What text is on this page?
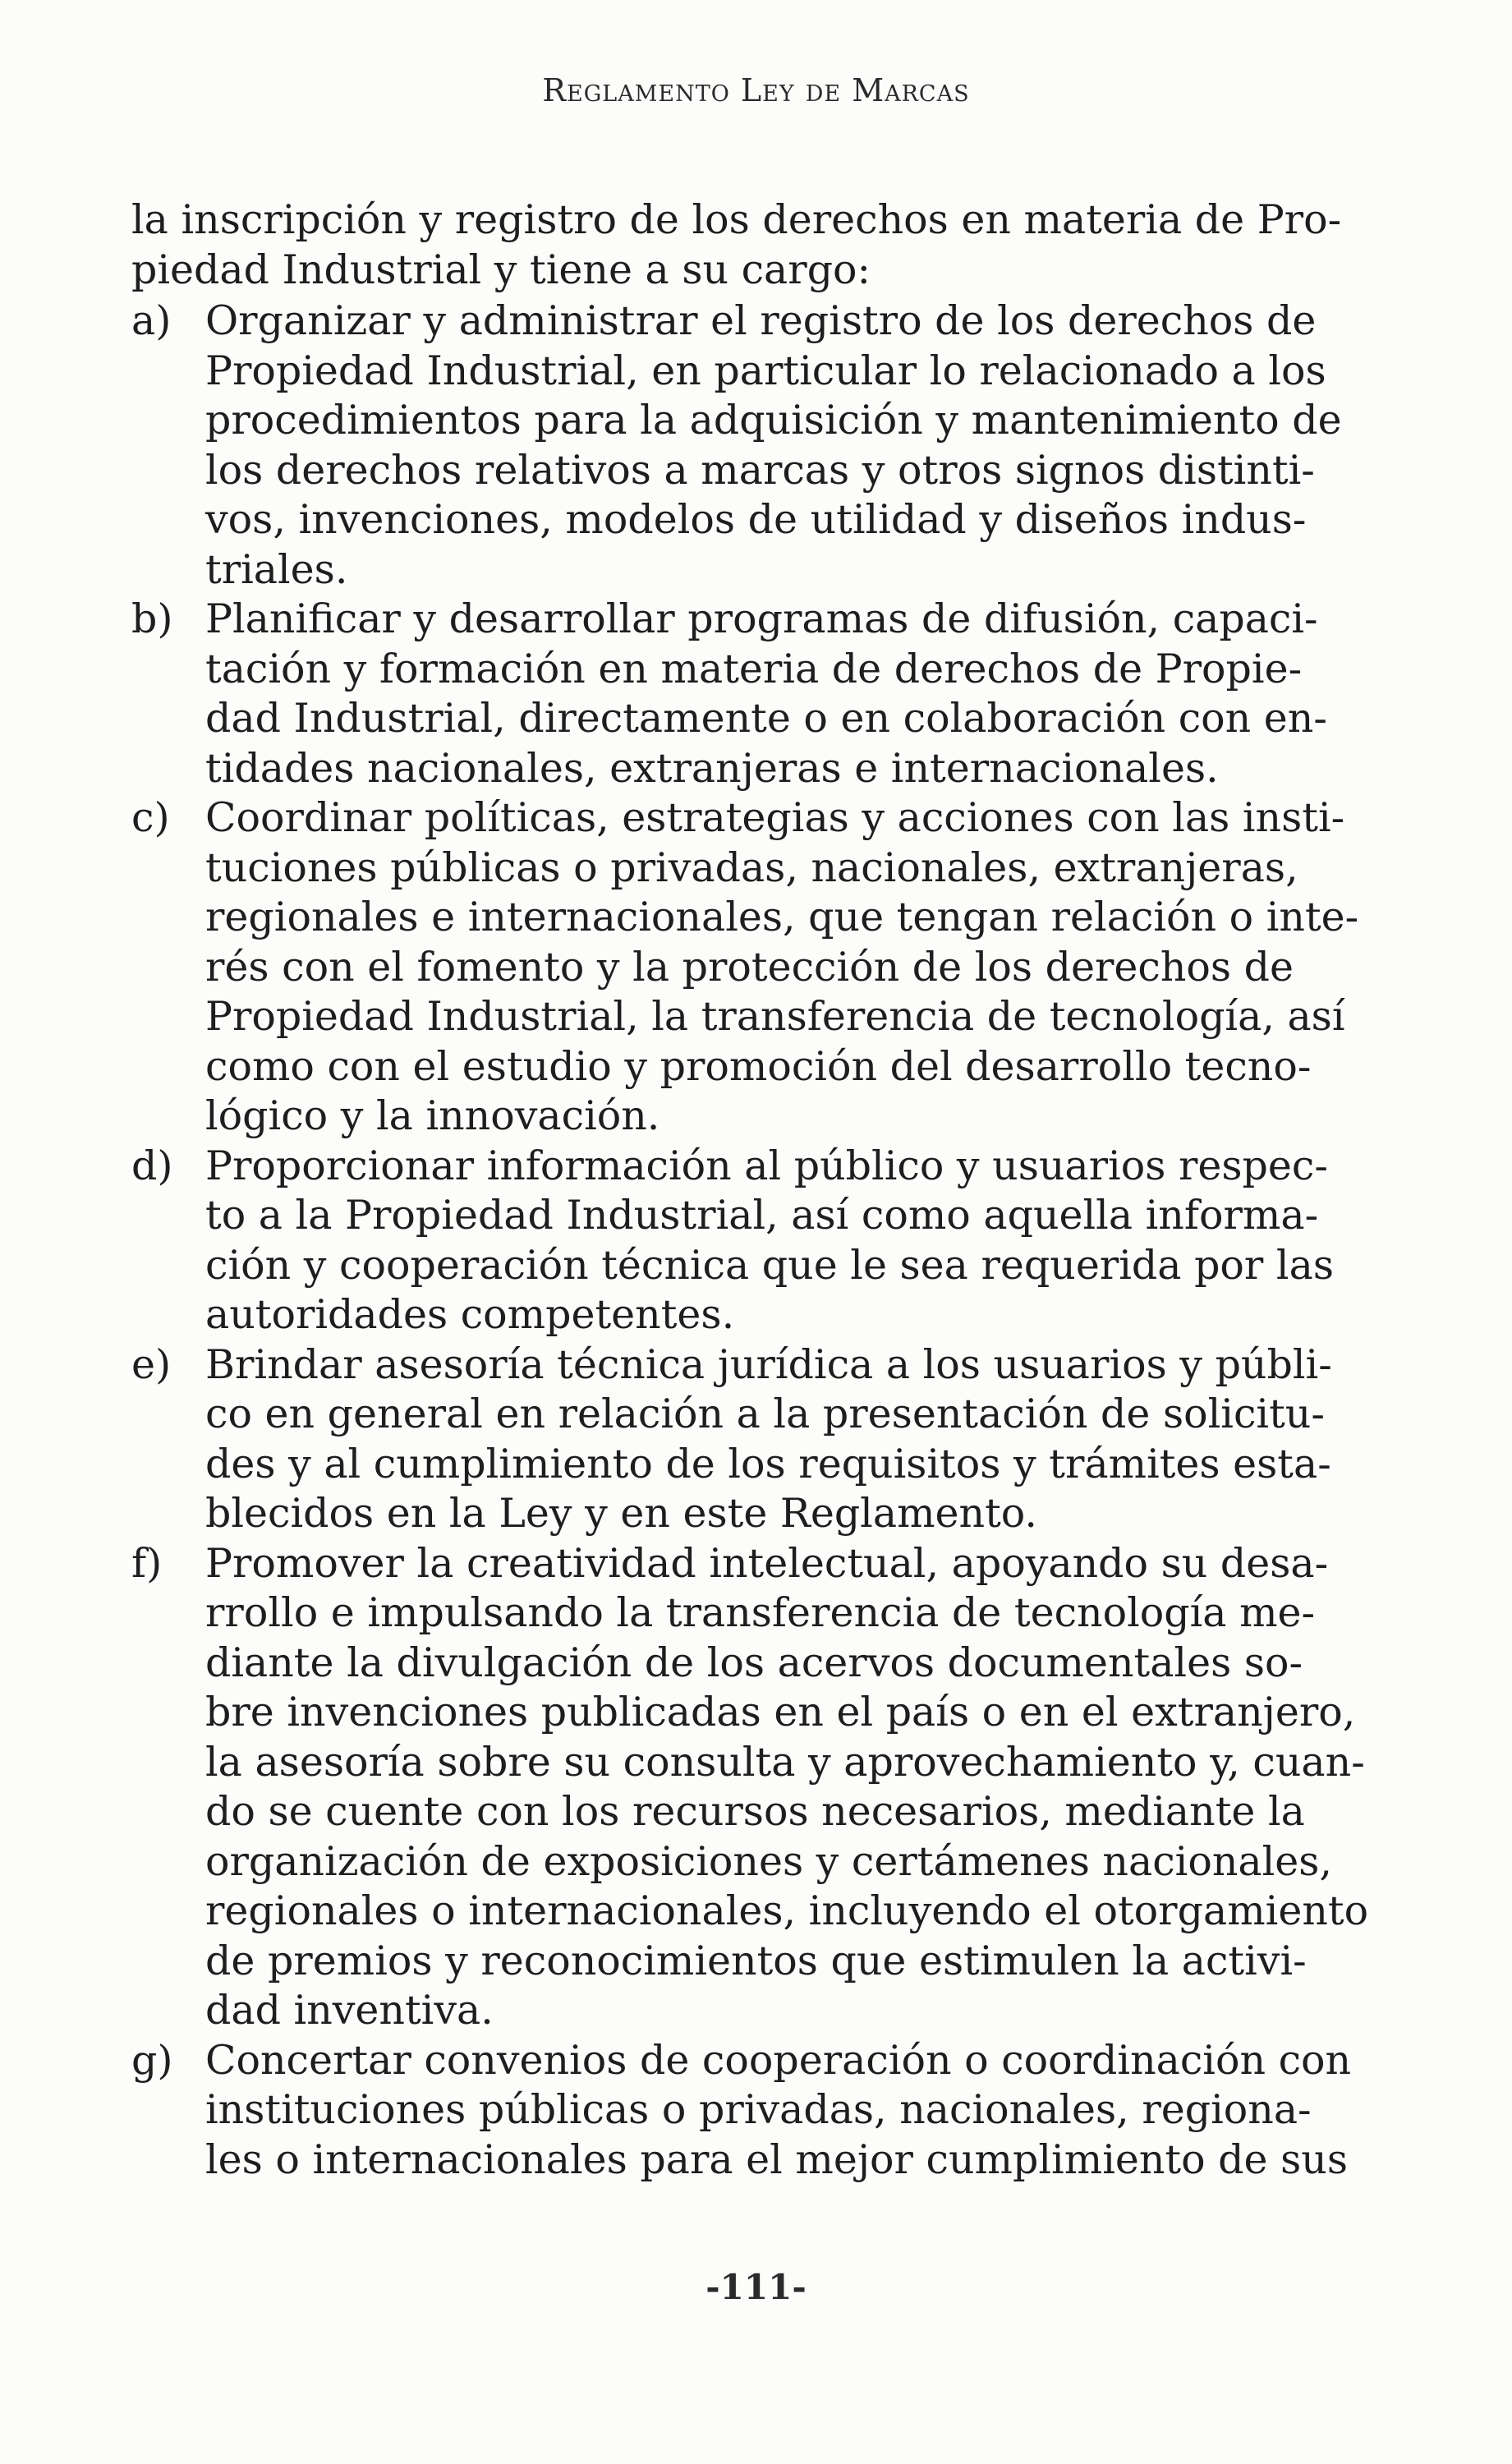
Reglamento Ley de Marcas
la inscripción y registro de los derechos en materia de Pro-
piedad Industrial y tiene a su cargo:
a) Organizar y administrar el registro de los derechos de
Propiedad Industrial, en particular lo relacionado a los
procedimientos para la adquisición y mantenimiento de
los derechos relativos a marcas y otros signos distinti-
vos, invenciones, modelos de utilidad y diseños indus-
triales.
b) Planificar y desarrollar programas de difusión, capaci-
tación y formación en materia de derechos de Propie-
dad Industrial, directamente o en colaboración con en-
tidades nacionales, extranjeras e internacionales.
c) Coordinar políticas, estrategias y acciones con las insti-
tuciones públicas o privadas, nacionales, extranjeras,
regionales e internacionales, que tengan relación o inte-
rés con el fomento y la protección de los derechos de
Propiedad Industrial, la transferencia de tecnología, así
como con el estudio y promoción del desarrollo tecno-
lógico y la innovación.
d) Proporcionar información al público y usuarios respec-
to a la Propiedad Industrial, así como aquella informa-
ción y cooperación técnica que le sea requerida por las
autoridades competentes.
e) Brindar asesoría técnica jurídica a los usuarios y públi-
co en general en relación a la presentación de solicitu-
des y al cumplimiento de los requisitos y trámites esta-
blecidos en la Ley y en este Reglamento.
f)	Promover la creatividad intelectual, apoyando su desa-
rrollo e impulsando la transferencia de tecnología me-
diante la divulgación de los acervos documentales so-
bre invenciones publicadas en el país o en el extranjero,
la asesoría sobre su consulta y aprovechamiento y, cuan-
do se cuente con los recursos necesarios, mediante la
organización de exposiciones y certámenes nacionales,
regionales o internacionales, incluyendo el otorgamiento
de premios y reconocimientos que estimulen la activi-
dad inventiva.
g) Concertar convenios de cooperación o coordinación con
instituciones públicas o privadas, nacionales, regiona-
les o internacionales para el mejor cumplimiento de sus
-111-
